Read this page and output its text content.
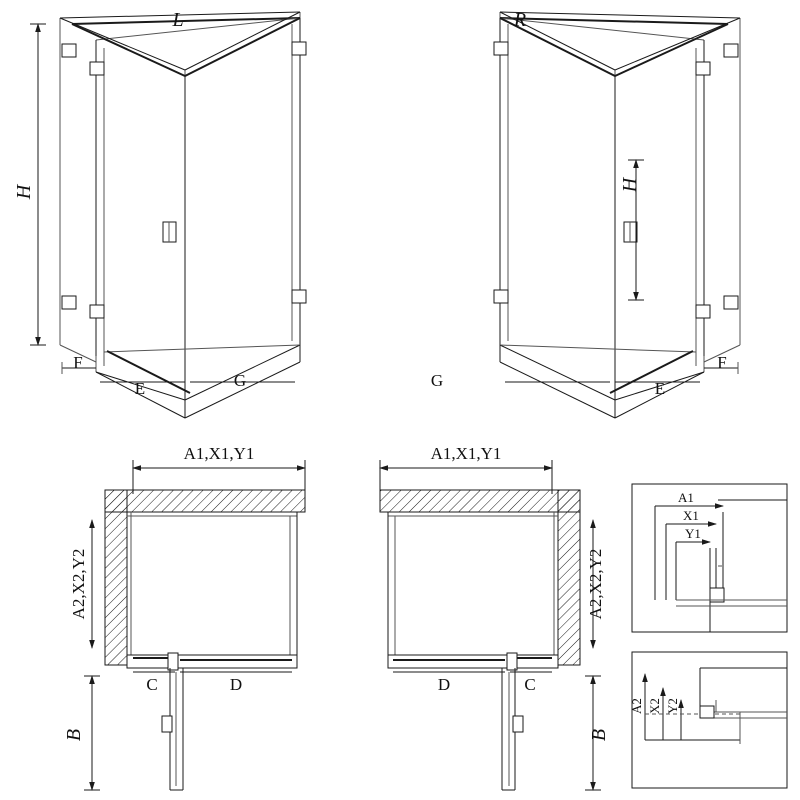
L	R
H	H
F
E	G	G	E
F
A1,X1,Y1	A1,X1,Y1
A2,X2,Y2	A2,X2,Y2
C	D	D	C
B	B
A1
X1
Y1
A2 X2 Y2
